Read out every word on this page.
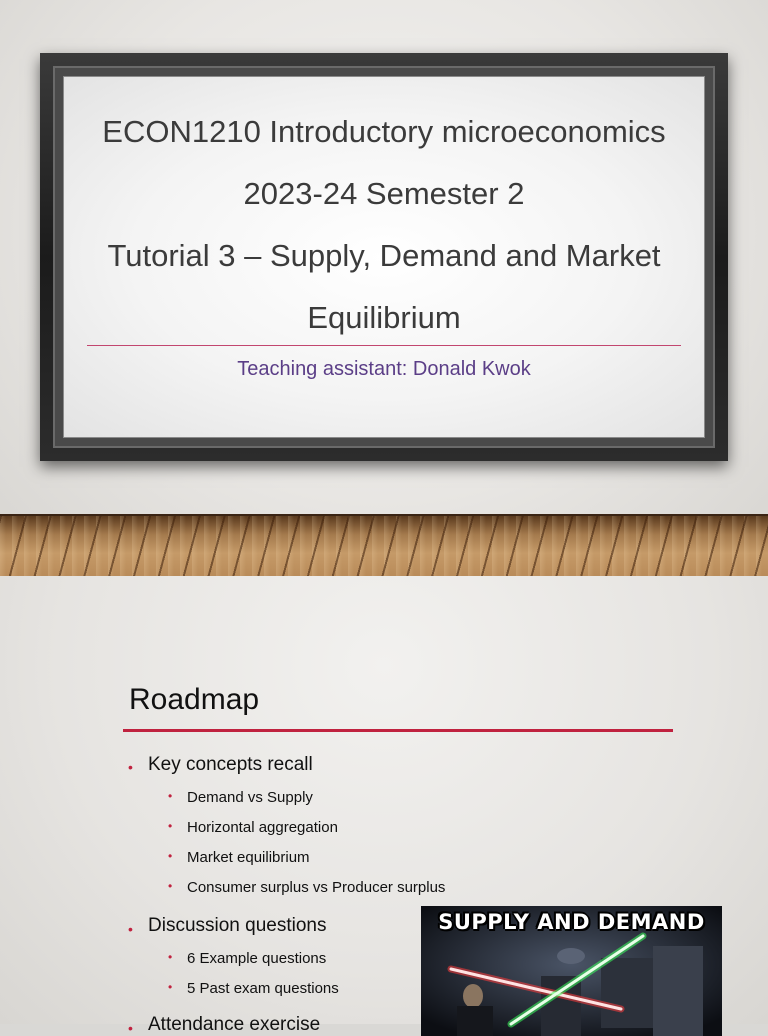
ECON1210 Introductory microeconomics
2023-24 Semester 2
Tutorial 3 – Supply, Demand and Market
Equilibrium
Teaching assistant: Donald Kwok
Roadmap
• Key concepts recall
• Demand vs Supply
• Horizontal aggregation
• Market equilibrium
• Consumer surplus vs Producer surplus
• Discussion questions
• 6 Example questions
• 5 Past exam questions
• Attendance exercise
SUPPLY AND DEMAND
